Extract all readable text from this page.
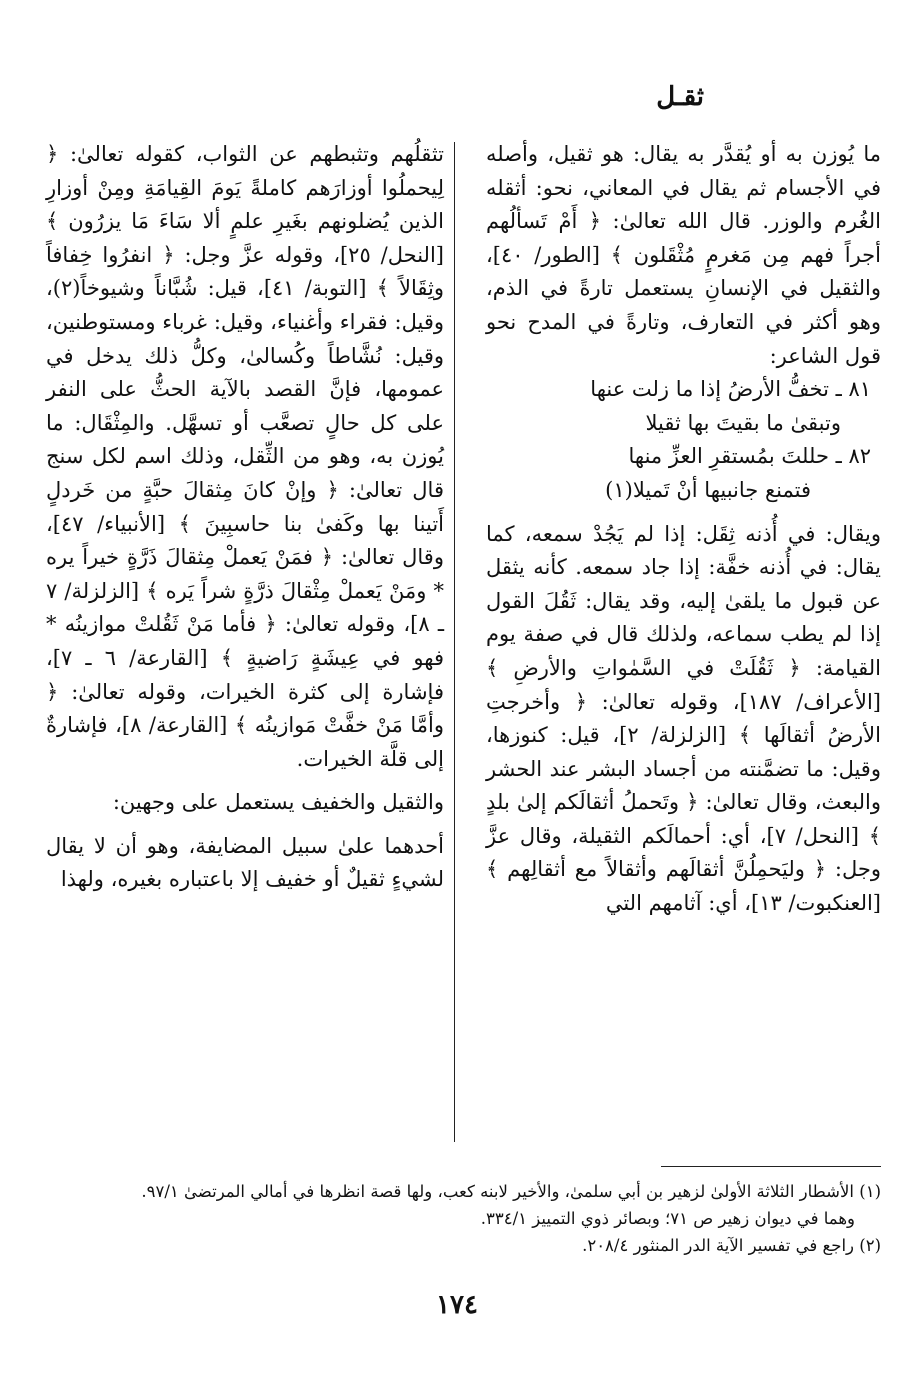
ثقـل

ما يُوزن به أو يُقدَّر به يقال: هو ثقيل، وأصله في الأجسام ثم يقال في المعاني، نحو: أثقله الغُرم والوزر. قال الله تعالىٰ: ﴿ أَمْ تَسألُهم أجراً فهم مِن مَغرمٍ مُثْقَلون ﴾ [الطور/ ٤٠]، والثقيل في الإنسانِ يستعمل تارةً في الذم، وهو أكثر في التعارف، وتارةً في المدح نحو قول الشاعر:

٨١ ـ تخفُّ الأرضُ إذا ما زلت عنها

وتبقىٰ ما بقيتَ بها ثقيلا

٨٢ ـ حللتَ بمُستقرِ العزِّ منها

فتمنع جانبيها أنْ تَميلا(١)

ويقال: في أُذنه ثِقَل: إذا لم يَجُدْ سمعه، كما يقال: في أُذنه خفَّة: إذا جاد سمعه. كأنه يثقل عن قبول ما يلقىٰ إليه، وقد يقال: ثَقُلَ القول إذا لم يطب سماعه، ولذلك قال في صفة يوم القيامة: ﴿ ثَقُلَتْ في السَّمٰواتِ والأرضِ ﴾ [الأعراف/ ١٨٧]، وقوله تعالىٰ: ﴿ وأخرجتِ الأرضُ أثقالَها ﴾ [الزلزلة/ ٢]، قيل: كنوزها، وقيل: ما تضمَّنته من أجساد البشر عند الحشر والبعث، وقال تعالىٰ: ﴿ وتَحملُ أثقالَكم إلىٰ بلدٍ ﴾ [النحل/ ٧]، أي: أحمالَكم الثقيلة، وقال عزَّ وجل: ﴿ وليَحمِلُنَّ أثقالَهم وأثقالاً مع أثقالِهم ﴾ [العنكبوت/ ١٣]، أي: آثامهم التي

تثقلُهم وتثبطهم عن الثواب، كقوله تعالىٰ: ﴿ لِيحملُوا أوزارَهم كاملةً يَومَ القِيامَةِ ومِنْ أوزارِ الذين يُضلونهم بغَيرِ علمٍ ألا سَاءَ مَا يزرُون ﴾ [النحل/ ٢٥]، وقوله عزَّ وجل: ﴿ انفرُوا خِفافاً وثِقَالاً ﴾ [التوبة/ ٤١]، قيل: شُبَّاناً وشيوخاً(٢)، وقيل: فقراء وأغنياء، وقيل: غرباء ومستوطنين، وقيل: نُشَّاطاً وكُسالىٰ، وكلُّ ذلك يدخل في عمومها، فإنَّ القصد بالآية الحثُّ على النفر على كل حالٍ تصعَّب أو تسهَّل. والمِثْقَال: ما يُوزن به، وهو من الثِّقل، وذلك اسم لكل سنج قال تعالىٰ: ﴿ وإنْ كانَ مِثقالَ حبَّةٍ من خَردلٍ أَتينا بها وكَفىٰ بنا حاسبِينَ ﴾ [الأنبياء/ ٤٧]، وقال تعالىٰ: ﴿ فمَنْ يَعملْ مِثقالَ ذَرَّةٍ خيراً يره * ومَنْ يَعملْ مِثْقالَ ذرَّةٍ شراً يَره ﴾ [الزلزلة/ ٧ ـ ٨]، وقوله تعالىٰ: ﴿ فأما مَنْ ثَقُلتْ موازينُه * فهو في عِيشَةٍ رَاضيةٍ ﴾ [القارعة/ ٦ ـ ٧]، فإشارة إلى كثرة الخيرات، وقوله تعالىٰ: ﴿ وأمَّا مَنْ خفَّتْ مَوازينُه ﴾ [القارعة/ ٨]، فإشارةٌ إلى قلَّة الخيرات.

والثقيل والخفيف يستعمل على وجهين:

أحدهما علىٰ سبيل المضايفة، وهو أن لا يقال لشيءٍ ثقيلٌ أو خفيف إلا باعتباره بغيره، ولهذا

(١) الأشطار الثلاثة الأولىٰ لزهير بن أبي سلمىٰ، والأخير لابنه كعب، ولها قصة انظرها في أمالي المرتضىٰ ٩٧/١.

وهما في ديوان زهير ص ٧١؛ وبصائر ذوي التمييز ٣٣٤/١.

(٢) راجع في تفسير الآية الدر المنثور ٢٠٨/٤.

١٧٤
